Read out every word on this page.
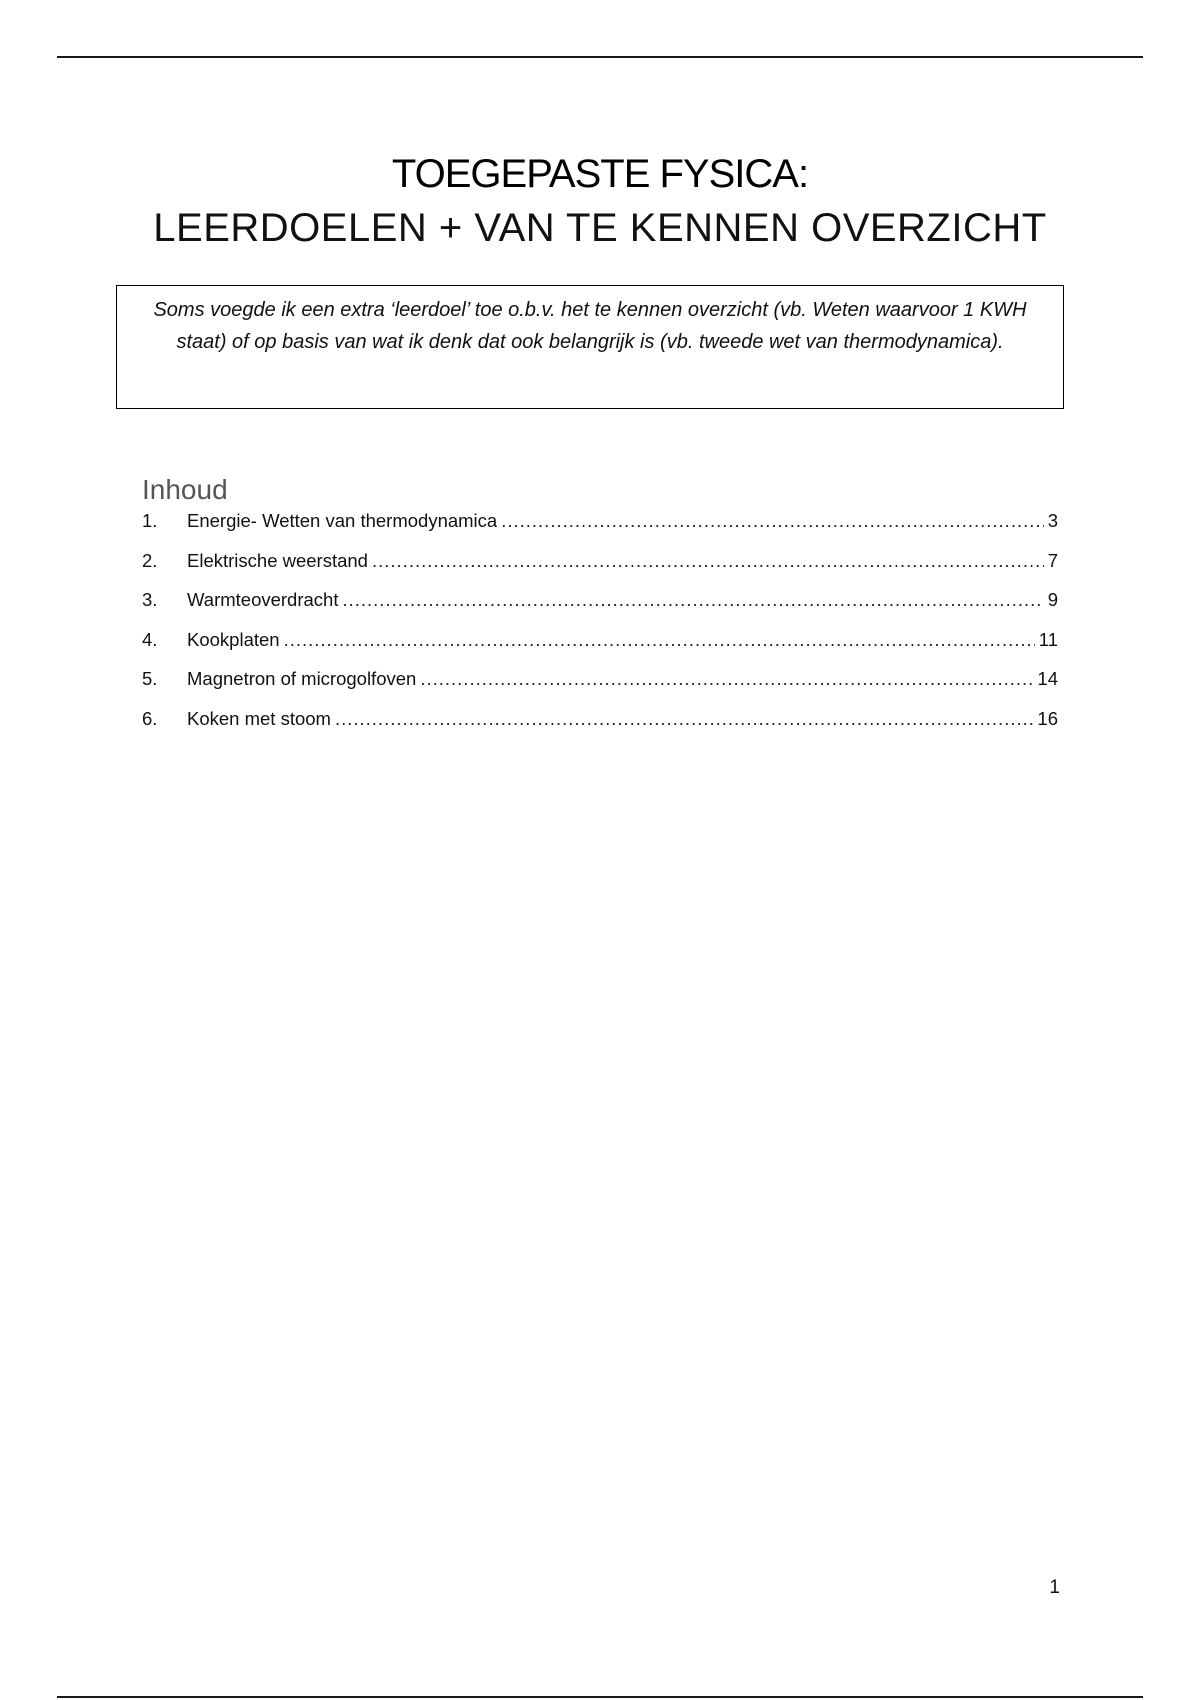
TOEGEPASTE FYSICA:
LEERDOELEN + VAN TE KENNEN OVERZICHT
Soms voegde ik een extra ‘leerdoel’ toe o.b.v. het te kennen overzicht (vb. Weten waarvoor 1 KWH staat) of op basis van wat ik denk dat ook belangrijk is (vb. tweede wet van thermodynamica).
Inhoud
1.	Energie- Wetten van thermodynamica .....	3
2.	Elektrische weerstand .....	7
3.	Warmteoverdracht .....	9
4.	Kookplaten .....	11
5.	Magnetron of microgolfoven .....	14
6.	Koken met stoom .....	16
1
